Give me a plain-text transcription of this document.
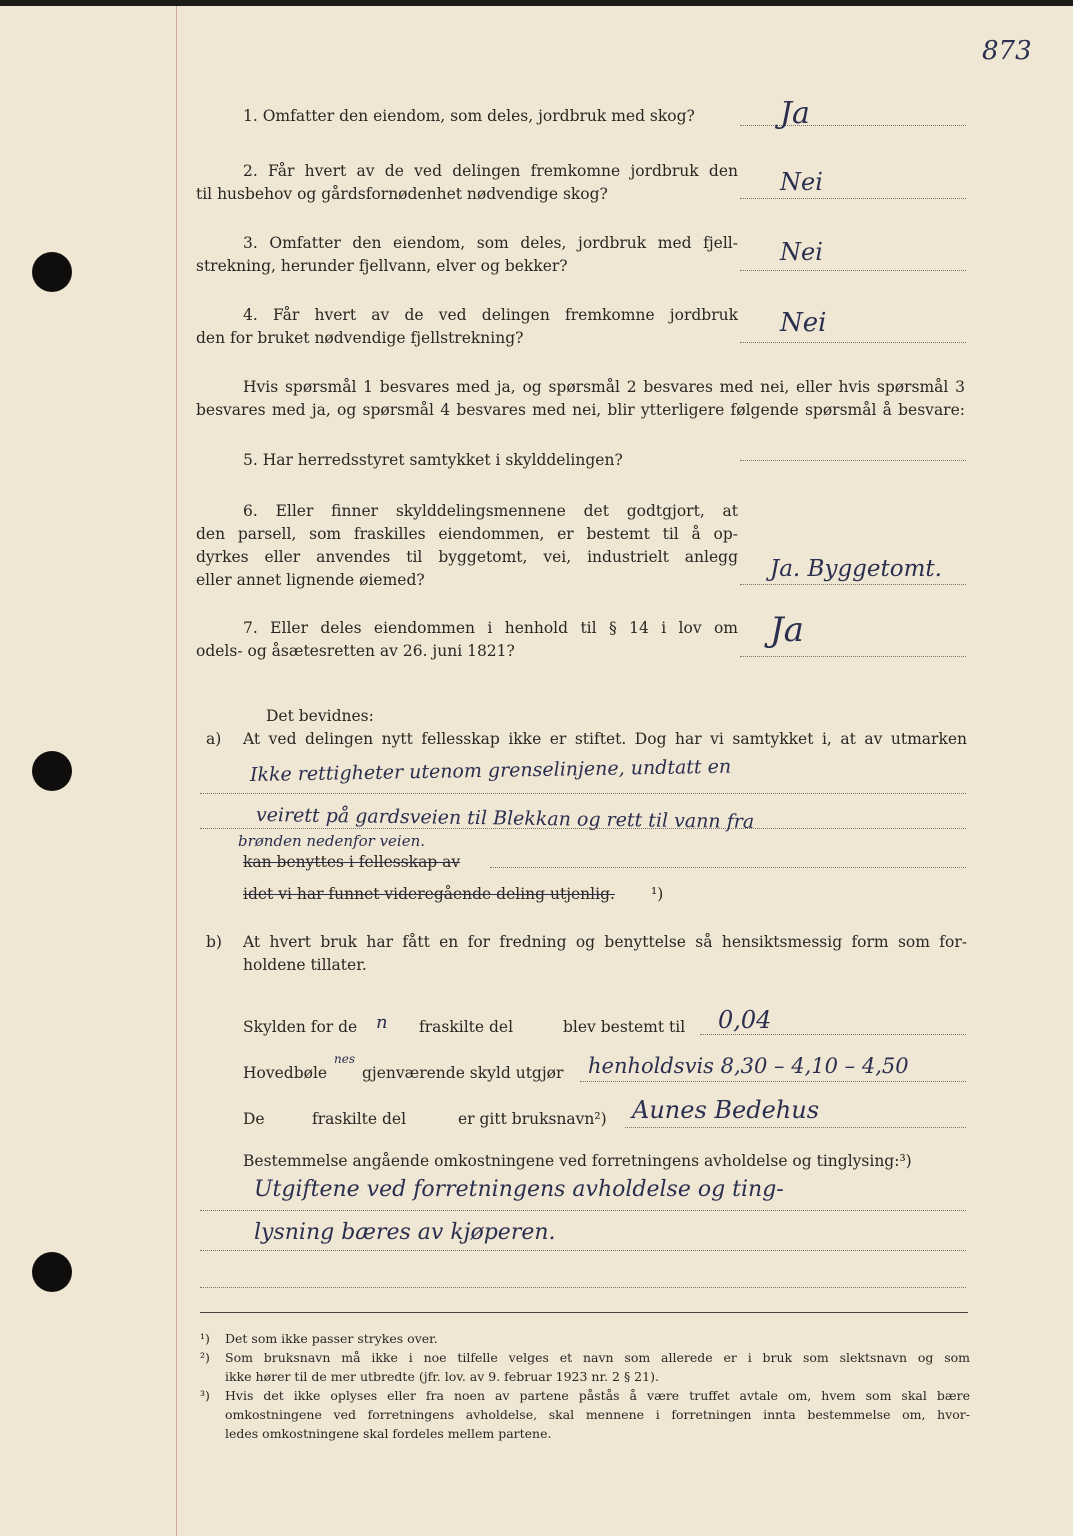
873
1. Omfatter den eiendom, som deles, jordbruk med skog?	Ja
2. Får hvert av de ved delingen fremkomne jordbruk den
til husbehov og gårdsfornødenhet nødvendige skog?	Nei
3. Omfatter den eiendom, som deles, jordbruk med fjell-
strekning, herunder fjellvann, elver og bekker?	Nei
4. Får hvert av de ved delingen fremkomne jordbruk
den for bruket nødvendige fjellstrekning?	Nei
Hvis spørsmål 1 besvares med ja, og spørsmål 2 besvares med nei, eller hvis spørsmål 3
besvares med ja, og spørsmål 4 besvares med nei, blir ytterligere følgende spørsmål å besvare:
5. Har herredsstyret samtykket i skylddelingen?
6. Eller finner skylddelingsmennene det godtgjort, at
den parsell, som fraskilles eiendommen, er bestemt til å op-
dyrkes eller anvendes til byggetomt, vei, industrielt anlegg
eller annet lignende øiemed?	Ja. Byggetomt.
7. Eller deles eiendommen i henhold til § 14 i lov om
odels- og åsætesretten av 26. juni 1821?
Ja
Det bevidnes:
a) At ved delingen nytt fellesskap ikke er stiftet. Dog har vi samtykket i, at av utmarken
Ikke rettigheter utenom grenselinjene, undtatt en
veirett på gardsveien til Blekkan og rett til vann fra
brønden nedenfor veien.
kan benyttes i fellesskap av
idet vi har funnet videregående deling utjenlig. ¹)
b) At hvert bruk har fått en for fredning og benyttelse så hensiktsmessig form som for-
holdene tillater.
Skylden for de n fraskilte del	blev bestemt til 0,04
Hovedbøle
nes
gjenværende skyld utgjør henholdsvis 8,30 – 4,10 – 4,50
De	fraskilte del	er gitt bruksnavn²) Aunes Bedehus
Bestemmelse angående omkostningene ved forretningens avholdelse og tinglysing:³)
Utgiftene ved forretningens avholdelse og ting-
lysning bæres av kjøperen.
¹) Det som ikke passer strykes over.
²) Som bruksnavn må ikke i noe tilfelle velges et navn som allerede er i bruk som slektsnavn og som
ikke hører til de mer utbredte (jfr. lov. av 9. februar 1923 nr. 2 § 21).
³) Hvis det ikke oplyses eller fra noen av partene påstås å være truffet avtale om, hvem som skal bære
omkostningene ved forretningens avholdelse, skal mennene i forretningen innta bestemmelse om, hvor-
ledes omkostningene skal fordeles mellem partene.
